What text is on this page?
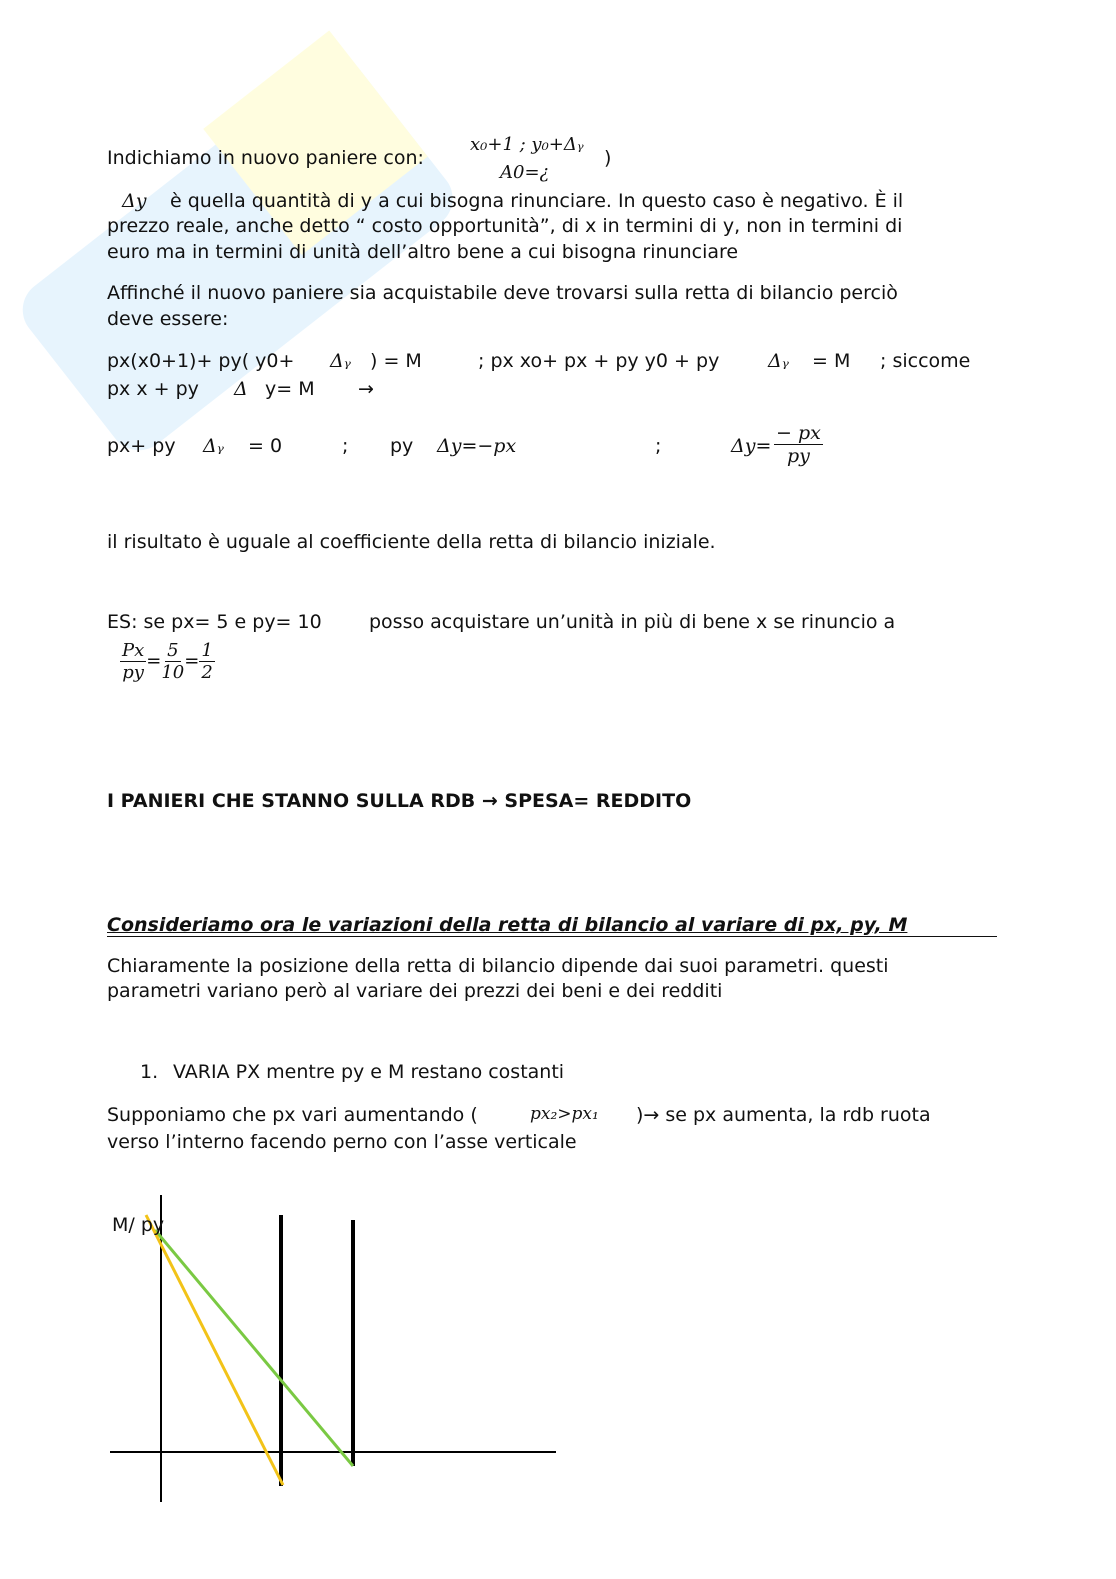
Indichiamo in nuovo paniere con:
x₀+1 ; y₀+Δᵧ
A0=¿
)
Δy è quella quantità di y a cui bisogna rinunciare. In questo caso è negativo. È il
prezzo reale, anche detto “ costo opportunità”, di x in termini di y, non in termini di
euro ma in termini di unità dell’altro bene a cui bisogna rinunciare
Affinché il nuovo paniere sia acquistabile deve trovarsi sulla retta di bilancio perciò
deve essere:
px(x0+1)+ py( y0+ Δᵧ ) = M	; px xo+ px + py y0 + py	Δᵧ = M ; siccome
px x + py Δ y= M →
px+ py Δᵧ = 0	; py Δy=−px	;	$\Delta y= \frac{- px}{py}$
il risultato è uguale al coefficiente della retta di bilancio iniziale.
ES: se px= 5 e py= 10 posso acquistare un’unità in più di bene x se rinuncio a
$\frac{Px}{py} = \frac{5}{10} = \frac{1}{2}$
I PANIERI CHE STANNO SULLA RDB → SPESA= REDDITO
Consideriamo ora le variazioni della retta di bilancio al variare di px, py, M
Chiaramente la posizione della retta di bilancio dipende dai suoi parametri. questi
parametri variano però al variare dei prezzi dei beni e dei redditi
1. VARIA PX mentre py e M restano costanti
Supponiamo che px vari aumentando (	px₂>px₁ )→ se px aumenta, la rdb ruota
verso l’interno facendo perno con l’asse verticale
M/ py
